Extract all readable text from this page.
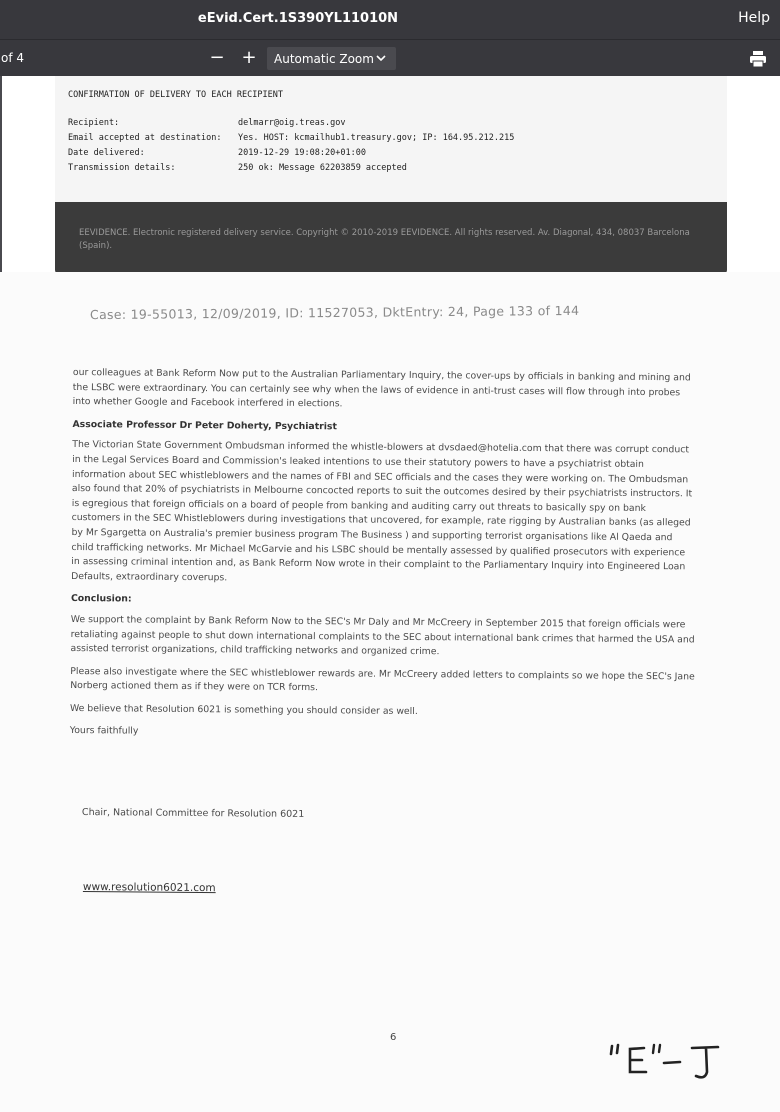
eEvid.Cert.1S390YL11010N	Help
of 4	− + Automatic Zoom
CONFIRMATION OF DELIVERY TO EACH RECIPIENT
Recipient:	delmarr@oig.treas.gov
Email accepted at destination: Yes. HOST: kcmailhub1.treasury.gov; IP: 164.95.212.215
Date delivered:	2019-12-29 19:08:20+01:00
Transmission details:	250 ok: Message 62203859 accepted
EEVIDENCE. Electronic registered delivery service. Copyright © 2010-2019 EEVIDENCE. All rights reserved. Av. Diagonal, 434, 08037 Barcelona (Spain).
Case: 19-55013, 12/09/2019, ID: 11527053, DktEntry: 24, Page 133 of 144

our colleagues at Bank Reform Now put to the Australian Parliamentary Inquiry, the cover-ups by officials in banking and mining and the LSBC were extraordinary. You can certainly see why when the laws of evidence in anti-trust cases will flow through into probes into whether Google and Facebook interfered in elections.

Associate Professor Dr Peter Doherty, Psychiatrist

The Victorian State Government Ombudsman informed the whistle-blowers at dvsdaed@hotelia.com that there was corrupt conduct in the Legal Services Board and Commission's leaked intentions to use their statutory powers to have a psychiatrist obtain information about SEC whistleblowers and the names of FBI and SEC officials and the cases they were working on. The Ombudsman also found that 20% of psychiatrists in Melbourne concocted reports to suit the outcomes desired by their psychiatrists instructors. It is egregious that foreign officials on a board of people from banking and auditing carry out threats to basically spy on bank customers in the SEC Whistleblowers during investigations that uncovered, for example, rate rigging by Australian banks (as alleged by Mr Sgargetta on Australia's premier business program The Business ) and supporting terrorist organisations like Al Qaeda and child trafficking networks. Mr Michael McGarvie and his LSBC should be mentally assessed by qualified prosecutors with experience in assessing criminal intention and, as Bank Reform Now wrote in their complaint to the Parliamentary Inquiry into Engineered Loan Defaults, extraordinary coverups.

Conclusion:

We support the complaint by Bank Reform Now to the SEC's Mr Daly and Mr McCreery in September 2015 that foreign officials were retaliating against people to shut down international complaints to the SEC about international bank crimes that harmed the USA and assisted terrorist organizations, child trafficking networks and organized crime.

Please also investigate where the SEC whistleblower rewards are. Mr McCreery added letters to complaints so we hope the SEC's Jane Norberg actioned them as if they were on TCR forms.

We believe that Resolution 6021 is something you should consider as well.

Yours faithfully

Chair, National Committee for Resolution 6021
www.resolution6021.com
6
